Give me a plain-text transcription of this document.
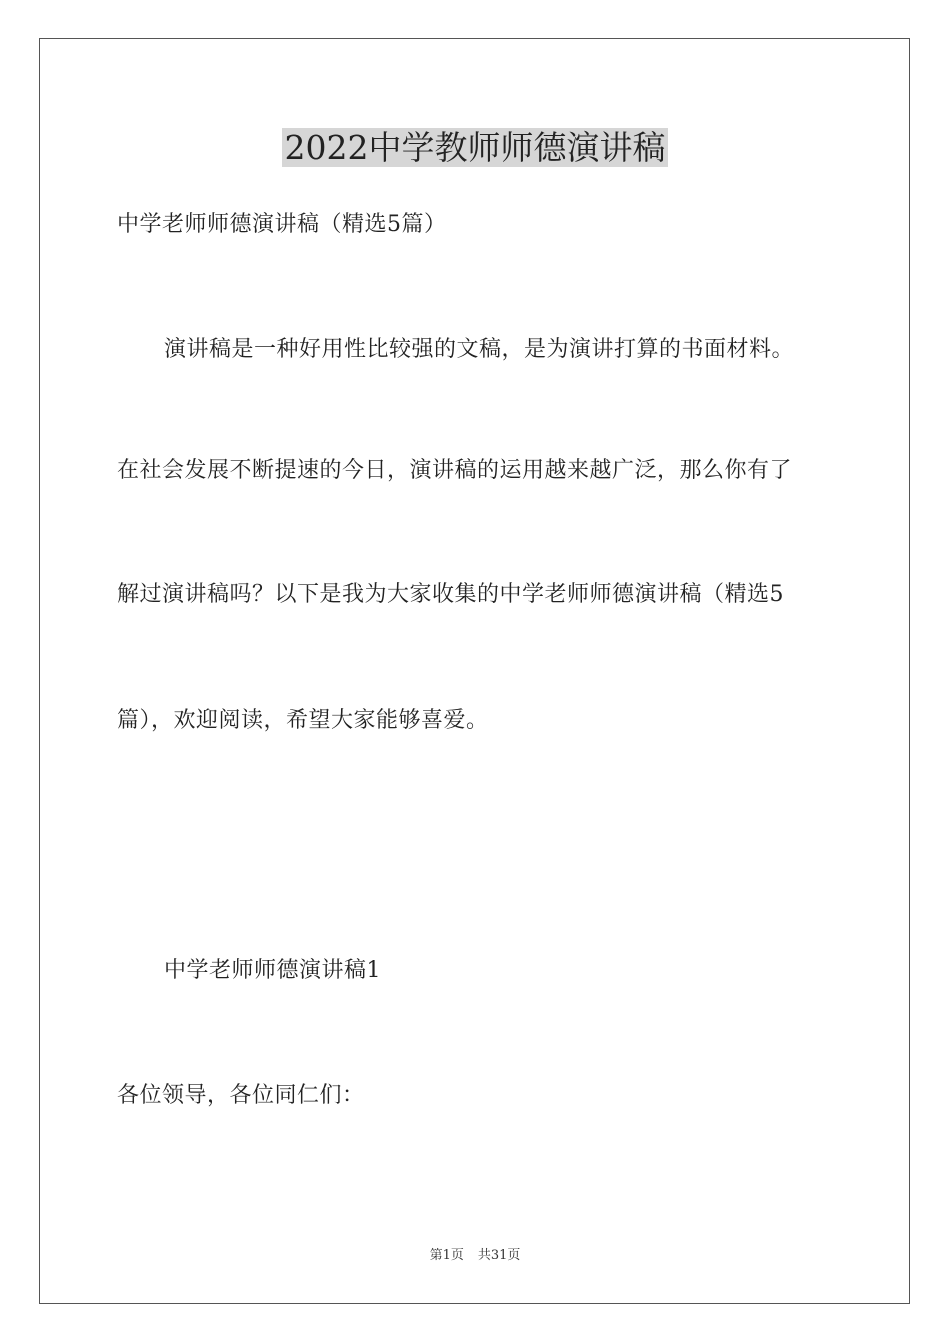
2022中学教师师德演讲稿
中学老师师德演讲稿（精选5篇）
演讲稿是一种好用性比较强的文稿，是为演讲打算的书面材料。
在社会发展不断提速的今日，演讲稿的运用越来越广泛，那么你有了
解过演讲稿吗？以下是我为大家收集的中学老师师德演讲稿（精选5
篇），欢迎阅读，希望大家能够喜爱。
中学老师师德演讲稿1
各位领导，各位同仁们：
第1页 共31页
